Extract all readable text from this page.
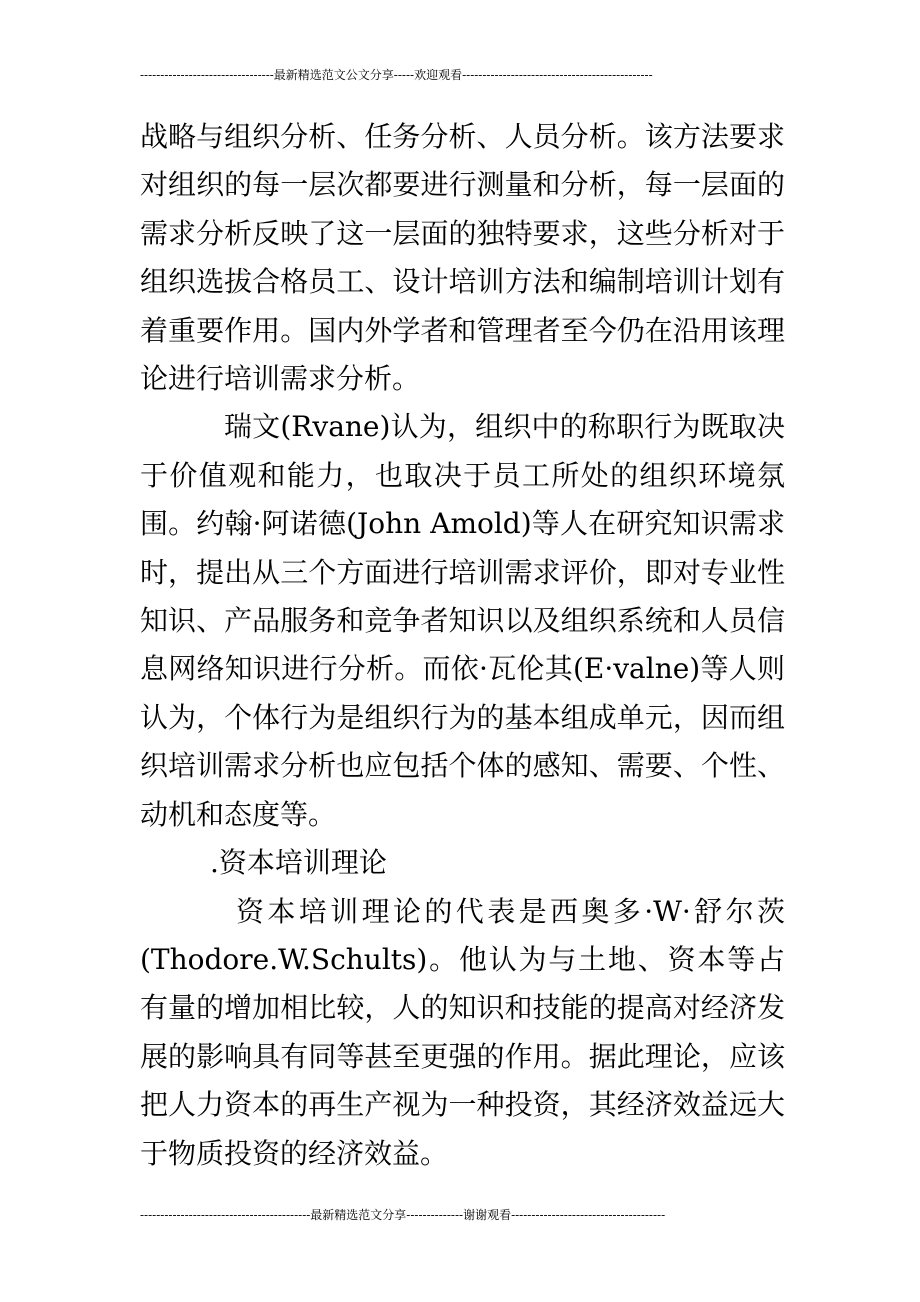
---------------------------------最新精选范文公文分享-----欢迎观看-----------------------------------------------

战略与组织分析、任务分析、人员分析。该方法要求对组织的每一层次都要进行测量和分析，每一层面的需求分析反映了这一层面的独特要求，这些分析对于组织选拔合格员工、设计培训方法和编制培训计划有着重要作用。国内外学者和管理者至今仍在沿用该理论进行培训需求分析。

瑞文(Rvane)认为，组织中的称职行为既取决于价值观和能力，也取决于员工所处的组织环境氛围。约翰·阿诺德(John Amold)等人在研究知识需求时，提出从三个方面进行培训需求评价，即对专业性知识、产品服务和竞争者知识以及组织系统和人员信息网络知识进行分析。而依·瓦伦其(E·valne)等人则认为，个体行为是组织行为的基本组成单元，因而组织培训需求分析也应包括个体的感知、需要、个性、动机和态度等。

.资本培训理论

资本培训理论的代表是西奥多·W·舒尔茨(Thodore.W.Schults)。他认为与土地、资本等占有量的增加相比较，人的知识和技能的提高对经济发展的影响具有同等甚至更强的作用。据此理论，应该把人力资本的再生产视为一种投资，其经济效益远大于物质投资的经济效益。

------------------------------------------最新精选范文分享--------------谢谢观看--------------------------------------
